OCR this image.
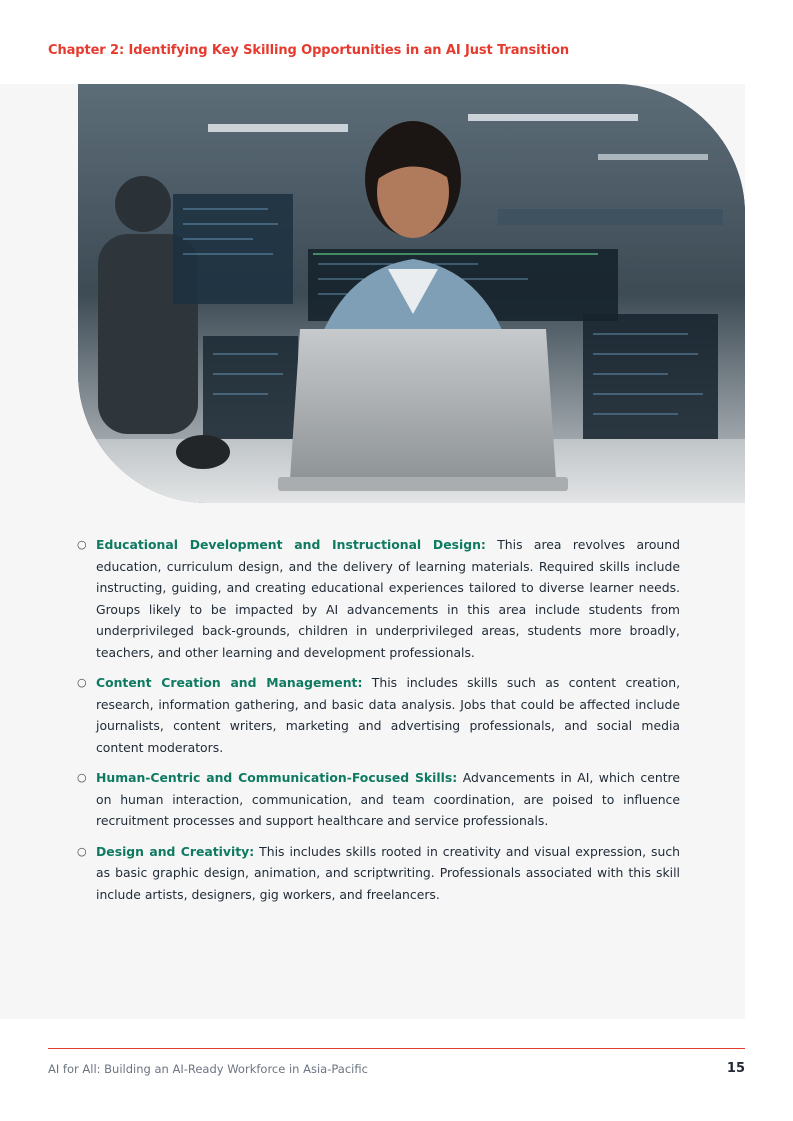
Chapter 2: Identifying Key Skilling Opportunities in an AI Just Transition
○ Educational Development and Instructional Design: This area revolves around education, curriculum design, and the delivery of learning materials. Required skills include instructing, guiding, and creating educational experiences tailored to diverse learner needs. Groups likely to be impacted by AI advancements in this area include students from underprivileged back-grounds, children in underprivileged areas, students more broadly, teachers, and other learning and development professionals.
○ Content Creation and Management: This includes skills such as content creation, research, information gathering, and basic data analysis. Jobs that could be affected include journalists, content writers, marketing and advertising professionals, and social media content moderators.
○ Human-Centric and Communication-Focused Skills: Advancements in AI, which centre on human interaction, communication, and team coordination, are poised to influence recruitment processes and support healthcare and service professionals.
○ Design and Creativity: This includes skills rooted in creativity and visual expression, such as basic graphic design, animation, and scriptwriting. Professionals associated with this skill include artists, designers, gig workers, and freelancers.
AI for All: Building an AI-Ready Workforce in Asia-Pacific	15
